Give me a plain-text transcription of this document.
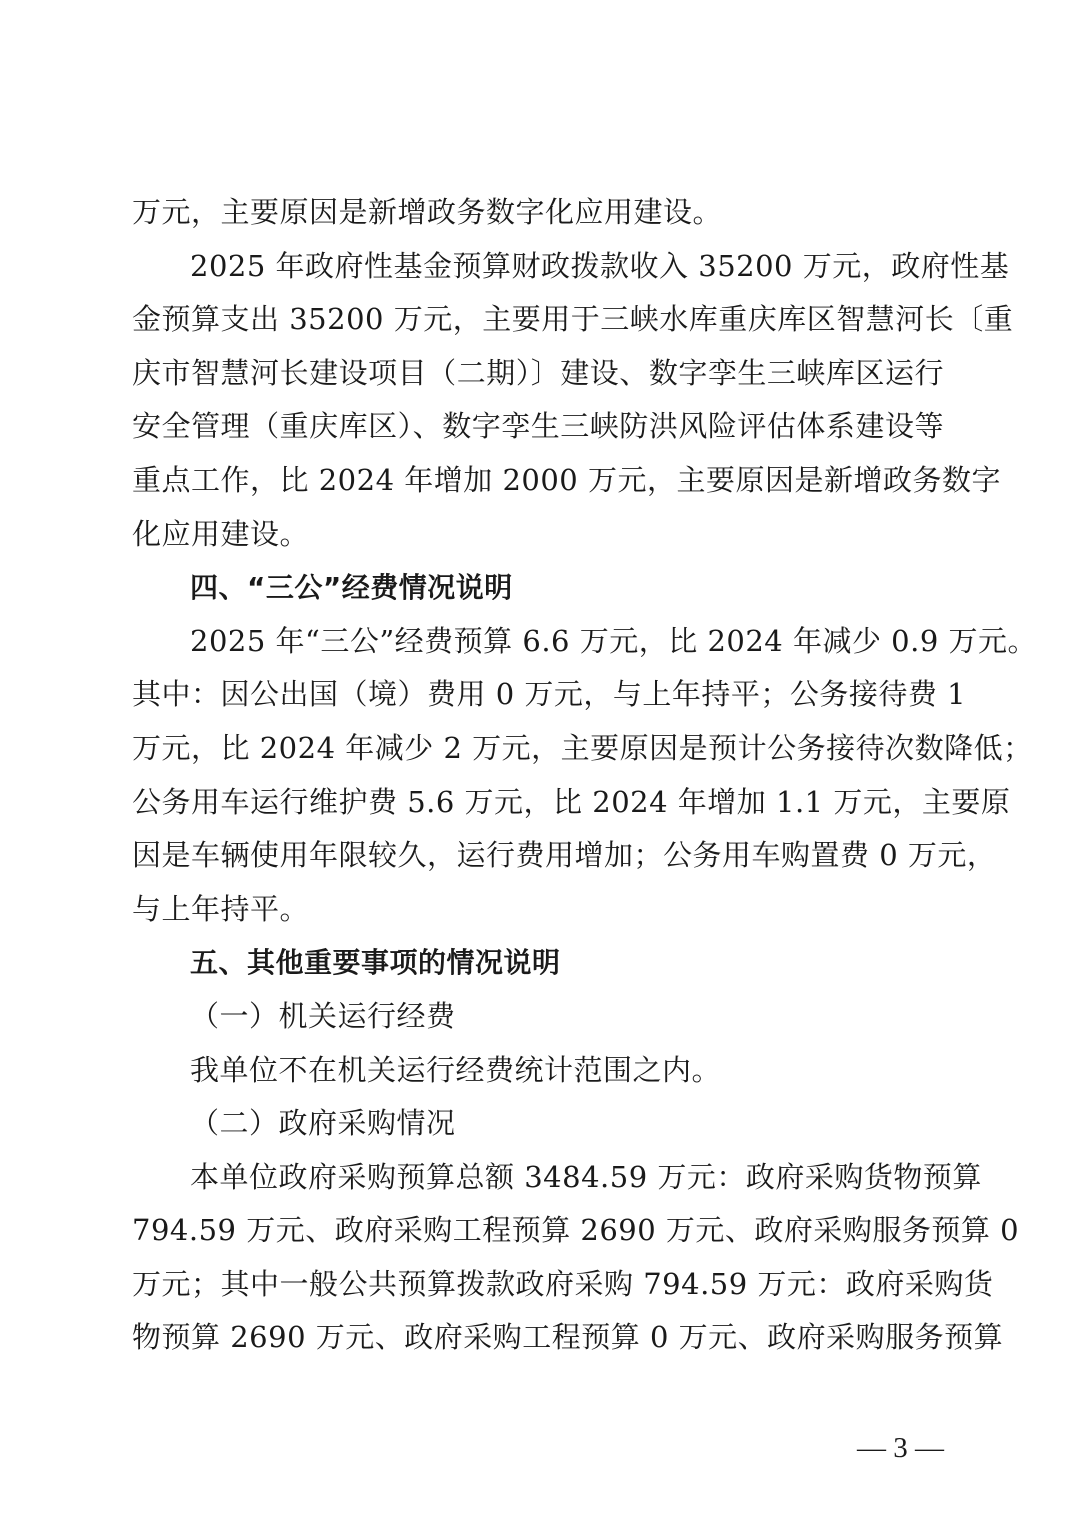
万元，主要原因是新增政务数字化应用建设。
2025 年政府性基金预算财政拨款收入 35200 万元，政府性基
金预算支出 35200 万元，主要用于三峡水库重庆库区智慧河长〔重
庆市智慧河长建设项目（二期）〕建设、数字孪生三峡库区运行
安全管理（重庆库区）、数字孪生三峡防洪风险评估体系建设等
重点工作，比 2024 年增加 2000 万元，主要原因是新增政务数字
化应用建设。
四、“三公”经费情况说明
2025 年“三公”经费预算 6.6 万元，比 2024 年减少 0.9 万元。
其中：因公出国（境）费用 0 万元，与上年持平；公务接待费 1
万元，比 2024 年减少 2 万元，主要原因是预计公务接待次数降低；
公务用车运行维护费 5.6 万元，比 2024 年增加 1.1 万元，主要原
因是车辆使用年限较久，运行费用增加；公务用车购置费 0 万元，
与上年持平。
五、其他重要事项的情况说明
（一）机关运行经费
我单位不在机关运行经费统计范围之内。
（二）政府采购情况
本单位政府采购预算总额 3484.59 万元：政府采购货物预算
794.59 万元、政府采购工程预算 2690 万元、政府采购服务预算 0
万元；其中一般公共预算拨款政府采购 794.59 万元：政府采购货
物预算 2690 万元、政府采购工程预算 0 万元、政府采购服务预算
— 3 —
